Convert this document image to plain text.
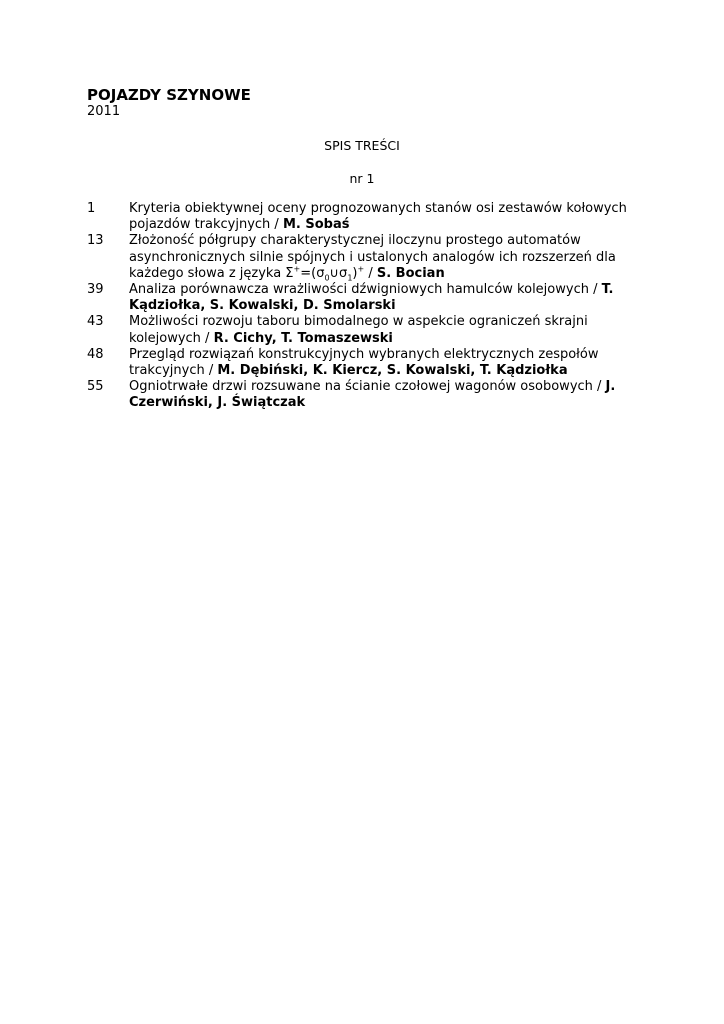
POJAZDY SZYNOWE
2011
SPIS TREŚCI
nr 1
1	Kryteria obiektywnej oceny prognozowanych stanów osi zestawów kołowych pojazdów trakcyjnych / M. Sobaś
13	Złożoność półgrupy charakterystycznej iloczynu prostego automatów asynchronicznych silnie spójnych i ustalonych analogów ich rozszerzeń dla każdego słowa z języka $\Sigma^+=(\sigma_0\cup\sigma_1)^+ / S$. Bocian
39	Analiza porównawcza wrażliwości dźwigniowych hamulców kolejowych / T. Kądziołka, S. Kowalski, D. Smolarski
43	Możliwości rozwoju taboru bimodalnego w aspekcie ograniczeń skrajni kolejowych / R. Cichy, T. Tomaszewski
48	Przegląd rozwiązań konstrukcyjnych wybranych elektrycznych zespołów trakcyjnych / M. Dębiński, K. Kiercz, S. Kowalski, T. Kądziołka
55	Ogniotrwałe drzwi rozsuwane na ścianie czołowej wagonów osobowych / J. Czerwiński, J. Świątczak
